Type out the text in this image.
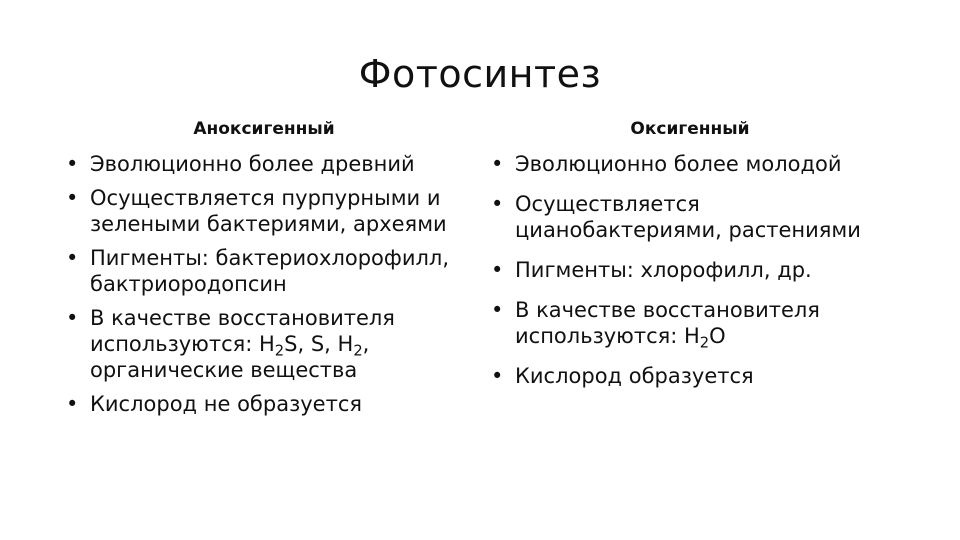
Фотосинтез
Аноксигенный
• Эволюционно более древний
• Осуществляется пурпурными и зелеными бактериями, археями
• Пигменты: бактериохлорофилл, бактриородопсин
• В качестве восстановителя используются: $H_2S$, S, $H_2$, органические вещества
• Кислород не образуется
Оксигенный
• Эволюционно более молодой
• Осуществляется цианобактериями, растениями
• Пигменты: хлорофилл, др.
• В качестве восстановителя используются: $H_2O$
• Кислород образуется
